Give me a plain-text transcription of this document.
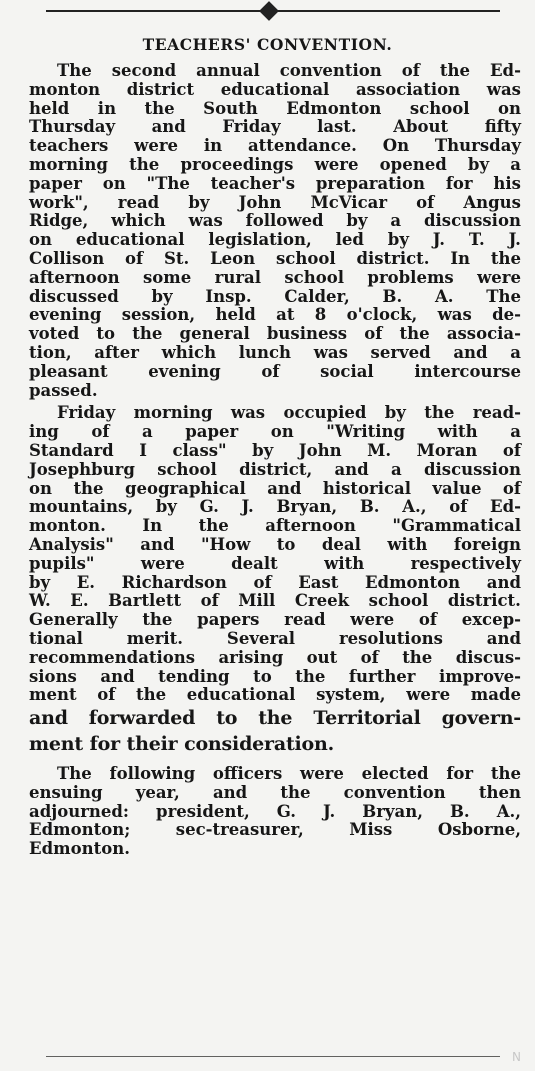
TEACHERS' CONVENTION.
The second annual convention of the Ed-
monton district educational association was
held in the South Edmonton school on
Thursday and Friday last. About fifty
teachers were in attendance. On Thursday
morning the proceedings were opened by a
paper on "The teacher's preparation for his
work", read by John McVicar of Angus
Ridge, which was followed by a discussion
on educational legislation, led by J. T. J.
Collison of St. Leon school district. In the
afternoon some rural school problems were
discussed by Insp. Calder, B. A. The
evening session, held at 8 o'clock, was de-
voted to the general business of the associa-
tion, after which lunch was served and a
pleasant evening of social intercourse
passed.
Friday morning was occupied by the read-
ing of a paper on "Writing with a
Standard I class" by John M. Moran of
Josephburg school district, and a discussion
on the geographical and historical value of
mountains, by G. J. Bryan, B. A., of Ed-
monton. In the afternoon "Grammatical
Analysis" and "How to deal with foreign
pupils"	were	dealt	with	respectively
by E. Richardson of East Edmonton and
W. E. Bartlett of Mill Creek school district.
Generally the papers read were of excep-
tional	merit.	Several	resolutions	and
recommendations arising out of the discus-
sions and tending to the further improve-
ment of the educational system, were made
and forwarded to the Territorial govern-
ment for their consideration.
The following officers were elected for the
ensuing year, and the convention then
adjourned: president, G. J. Bryan, B. A.,
Edmonton;	sec-treasurer,	Miss	Osborne,
Edmonton.
N
